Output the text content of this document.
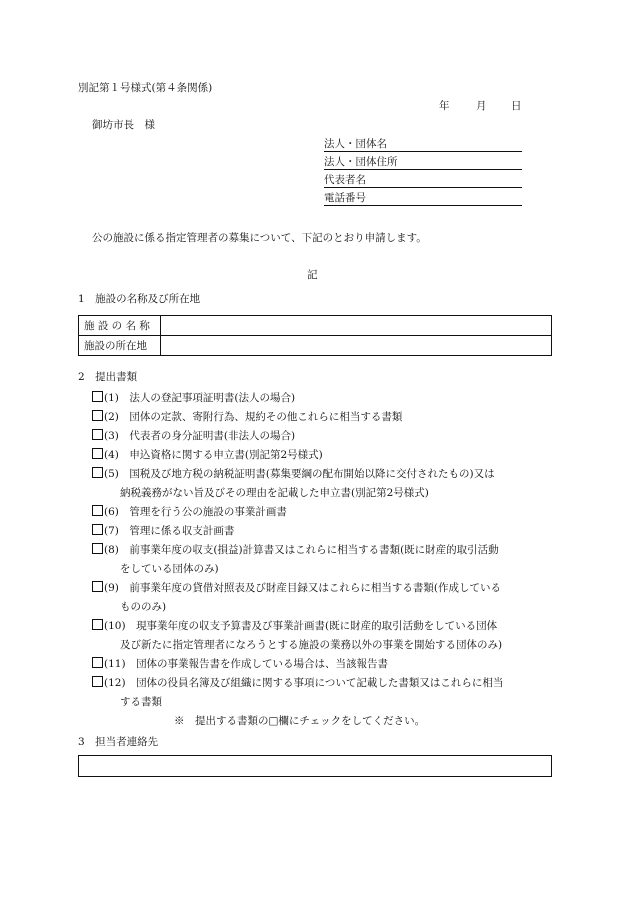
別記第１号様式(第４条関係)
年	月 日
御坊市長　様
法人・団体名
法人・団体住所
代表者名
電話番号
公の施設に係る指定管理者の募集について、下記のとおり申請します。
記
1　施設の名称及び所在地
施 設 の 名 称	
施設の所在地	
2　提出書類
(1)　 法人の登記事項証明書(法人の場合)
(2)　 団体の定款、寄附行為、規約その他これらに相当する書類
(3)　 代表者の身分証明書(非法人の場合)
(4)　 申込資格に関する申立書(別記第2号様式)
(5)　 国税及び地方税の納税証明書(募集要綱の配布開始以降に交付されたもの)又は
納税義務がない旨及びその理由を記載した申立書(別記第2号様式)
(6)　 管理を行う公の施設の事業計画書
(7)　 管理に係る収支計画書
(8)　 前事業年度の収支(損益)計算書又はこれらに相当する書類(既に財産的取引活動
をしている団体のみ)
(9)　 前事業年度の貸借対照表及び財産目録又はこれらに相当する書類(作成している
もののみ)
(10)　 現事業年度の収支予算書及び事業計画書(既に財産的取引活動をしている団体
及び新たに指定管理者になろうとする施設の業務以外の事業を開始する団体のみ)
(11)　 団体の事業報告書を作成している場合は、当該報告書
(12)　 団体の役員名簿及び組織に関する事項について記載した書類又はこれらに相当
する書類
※　提出する書類の□欄にチェックをしてください。
3　担当者連絡先
